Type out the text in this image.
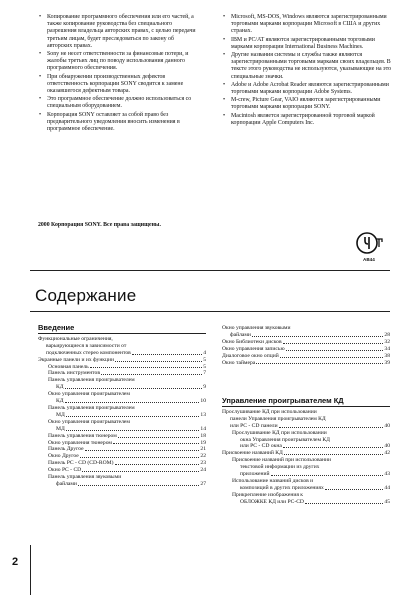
• Копирование программного обеспечения или его частей, а также копирование руководства без специального разрешения владельца авторских правах, с целью передачи третьим лицам, будет преследоваться по закону об авторских правах.
• Sony не несет ответственности за финансовые потери, и жалобы третьих лиц по поводу использования данного программного обеспечения.
• При обнаружении производственных дефектов ответственность корпорации SONY сводится к замене оказавшегося дефектным товара.
• Это программное обеспечение должно использоваться со специальным оборудованием.
• Корпорация SONY оставляет за собой право без предварительного уведомления вносить изменения в программное обеспечение.
2000 Корпорация SONY. Все права защищены.
• Microsoft, MS-DOS, Windows являются зарегистрированными торговыми марками корпорации Microsoft в США и других странах.
• IBM и PC/AT являются зарегистрированными торговыми марками корпорации International Business Machines.
• Другие названия системы и службы также являются зарегистрированными торговыми марками своих владельцев. В тексте этого руководства не используются, указывающие на это специальные значки.
• Adobe и Adobe Acrobat Reader являются зарегистрированными торговыми марками корпорации Adobe Systems.
• M-crew, Picture Gear, VAIO являются зарегистрированными торговыми марками корпорации SONY.
• Macintosh является зарегистрированной торговой маркой корпорации Apple Computers Inc.
AB44
Содержание
Введение
Функциональные ограничения,
варьирующиеся в зависимости от
подключенных стерео компонентов	4
Экранные панели и их функции	5
Основная панель	5
Панель инструментов	7
Панель управления проигрывателем
КД	9
Окно управления проигрывателем
КД	10
Панель управления проигрывателем
МД	13
Окно управления проигрывателем
МД	14
Панель управления тюнером	18
Окно управления тюнером	19
Панель Другое	21
Окно Другое	22
Панель PC - CD (CD-ROM)	23
Окно PC - CD	24
Панель управления звуковыми
файлами	27
Окно управления звуковыми
файлами	28
Окно Библиотеки дисков	32
Окно управления записью	34
Диалоговое окно опций	38
Окно таймера	39
Управление проигрывателем КД
Прослушивание КД при использовании
панели Управления проигрывателем КД
или PC - CD панели	40
Прослушивание КД при использовании
окна Управления проигрывателем КД
или PC - CD окна	40
Присвоение названий КД	42
Присвоение названий при использовании
текстовой информации из других
приложений	43
Использование названий дисков и
композиций в других приложениях	44
Прикрепление изображения к
ОБЛОЖКЕ КД или PC-CD	45
2
